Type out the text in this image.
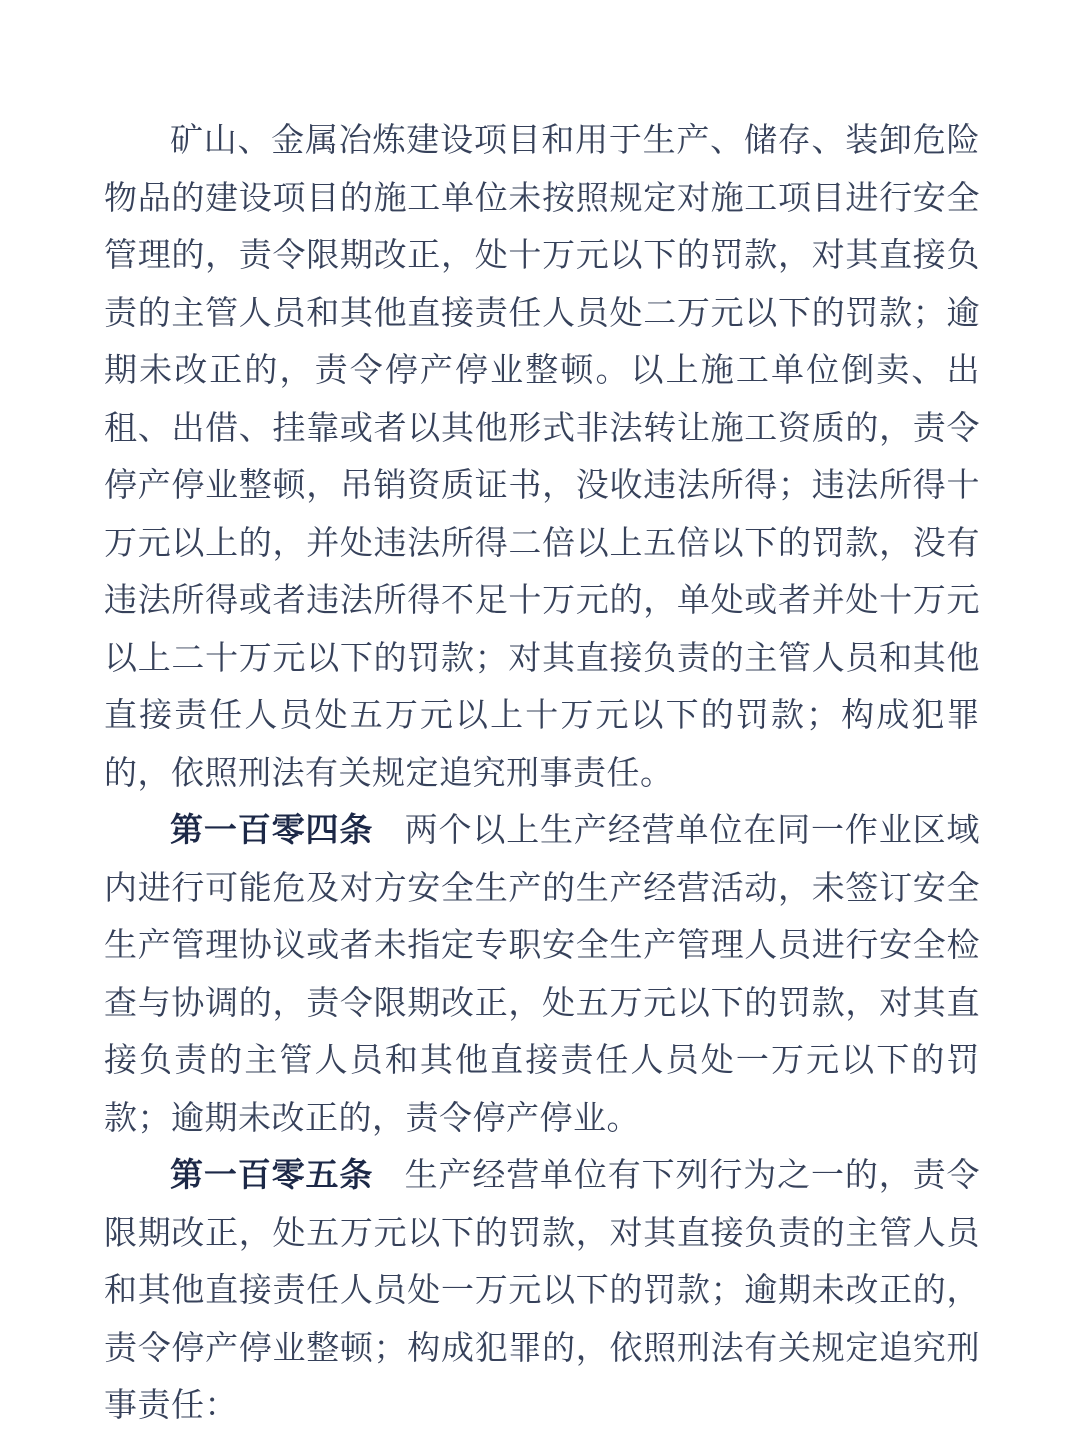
矿山、金属冶炼建设项目和用于生产、储存、装卸危险物品的建设项目的施工单位未按照规定对施工项目进行安全管理的，责令限期改正，处十万元以下的罚款，对其直接负责的主管人员和其他直接责任人员处二万元以下的罚款；逾期未改正的，责令停产停业整顿。以上施工单位倒卖、出租、出借、挂靠或者以其他形式非法转让施工资质的，责令停产停业整顿，吊销资质证书，没收违法所得；违法所得十万元以上的，并处违法所得二倍以上五倍以下的罚款，没有违法所得或者违法所得不足十万元的，单处或者并处十万元以上二十万元以下的罚款；对其直接负责的主管人员和其他直接责任人员处五万元以上十万元以下的罚款；构成犯罪的，依照刑法有关规定追究刑事责任。

第一百零四条 两个以上生产经营单位在同一作业区域内进行可能危及对方安全生产的生产经营活动，未签订安全生产管理协议或者未指定专职安全生产管理人员进行安全检查与协调的，责令限期改正，处五万元以下的罚款，对其直接负责的主管人员和其他直接责任人员处一万元以下的罚款；逾期未改正的，责令停产停业。

第一百零五条 生产经营单位有下列行为之一的，责令限期改正，处五万元以下的罚款，对其直接负责的主管人员和其他直接责任人员处一万元以下的罚款；逾期未改正的，责令停产停业整顿；构成犯罪的，依照刑法有关规定追究刑事责任：
